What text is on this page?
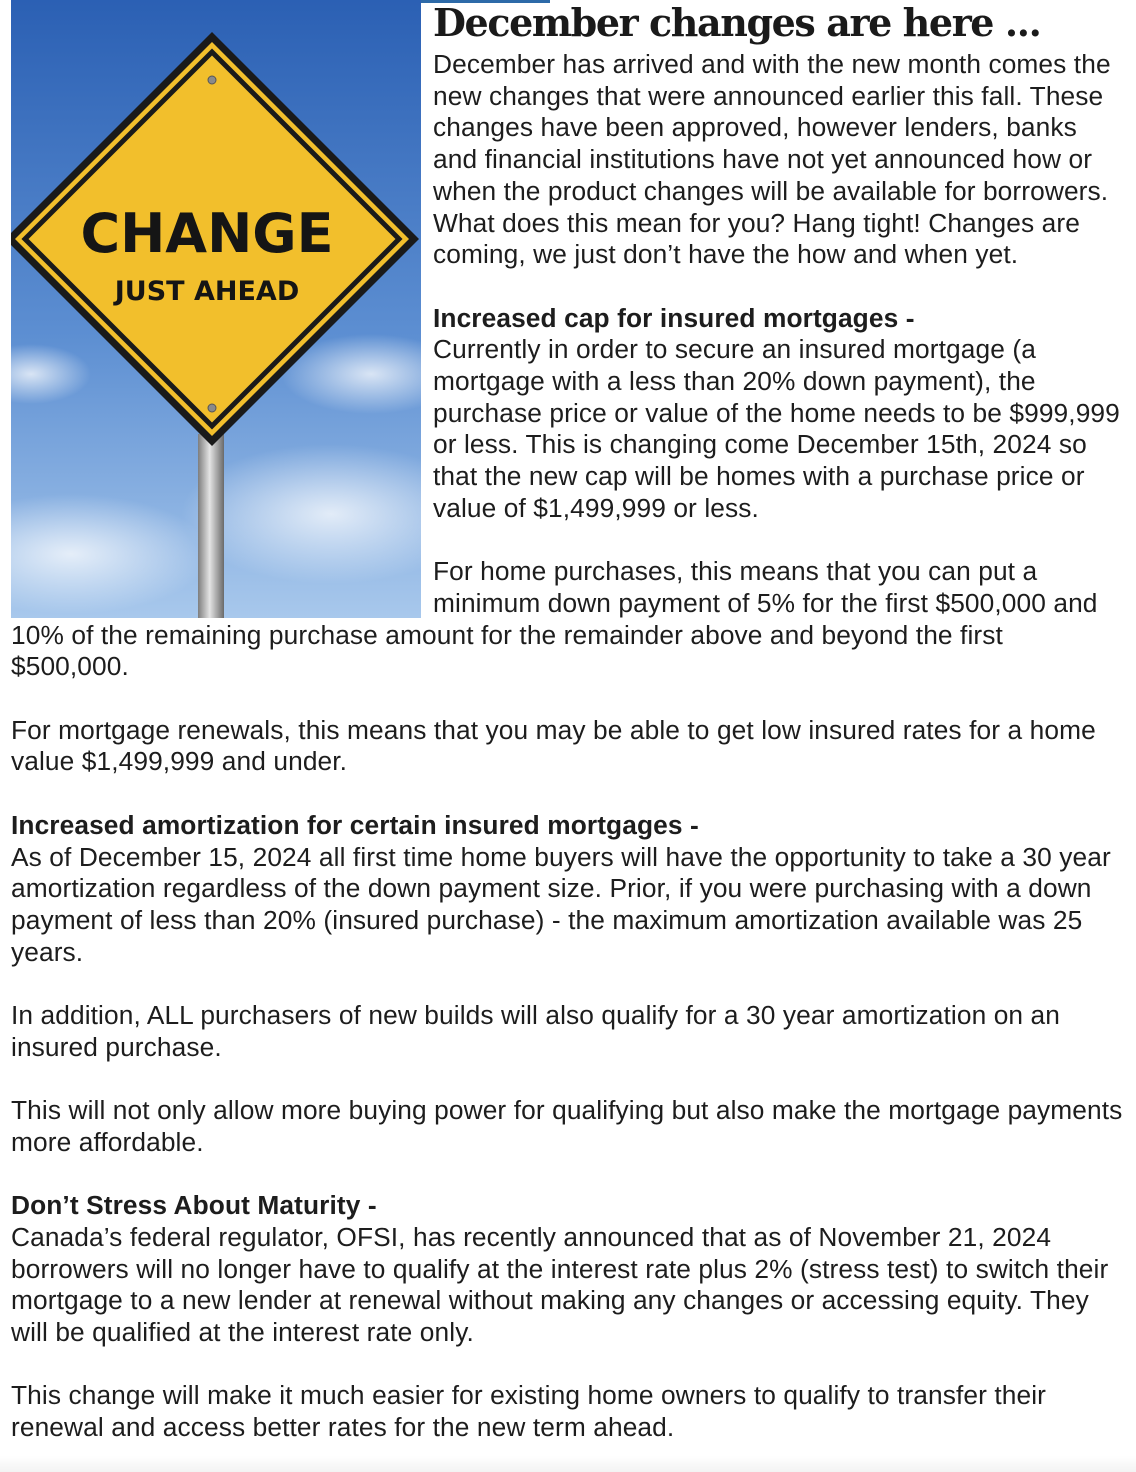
CHANGE
JUST AHEAD
December changes are here ...

December has arrived and with the new month comes the new changes that were announced earlier this fall. These changes have been approved, however lenders, banks and financial institutions have not yet announced how or when the product changes will be available for borrowers. What does this mean for you? Hang tight! Changes are coming, we just don’t have the how and when yet.

Increased cap for insured mortgages -
Currently in order to secure an insured mortgage (a mortgage with a less than 20% down payment), the purchase price or value of the home needs to be $999,999 or less. This is changing come December 15th, 2024 so that the new cap will be homes with a purchase price or value of $1,499,999 or less.

For home purchases, this means that you can put a minimum down payment of 5% for the first $500,000 and 10% of the remaining purchase amount for the remainder above and beyond the first $500,000.

For mortgage renewals, this means that you may be able to get low insured rates for a home value $1,499,999 and under.

Increased amortization for certain insured mortgages -
As of December 15, 2024 all first time home buyers will have the opportunity to take a 30 year amortization regardless of the down payment size. Prior, if you were purchasing with a down payment of less than 20% (insured purchase) - the maximum amortization available was 25 years.

In addition, ALL purchasers of new builds will also qualify for a 30 year amortization on an insured purchase.

This will not only allow more buying power for qualifying but also make the mortgage payments more affordable.

Don’t Stress About Maturity -
Canada’s federal regulator, OFSI, has recently announced that as of November 21, 2024 borrowers will no longer have to qualify at the interest rate plus 2% (stress test) to switch their mortgage to a new lender at renewal without making any changes or accessing equity. They will be qualified at the interest rate only.

This change will make it much easier for existing home owners to qualify to transfer their renewal and access better rates for the new term ahead.
